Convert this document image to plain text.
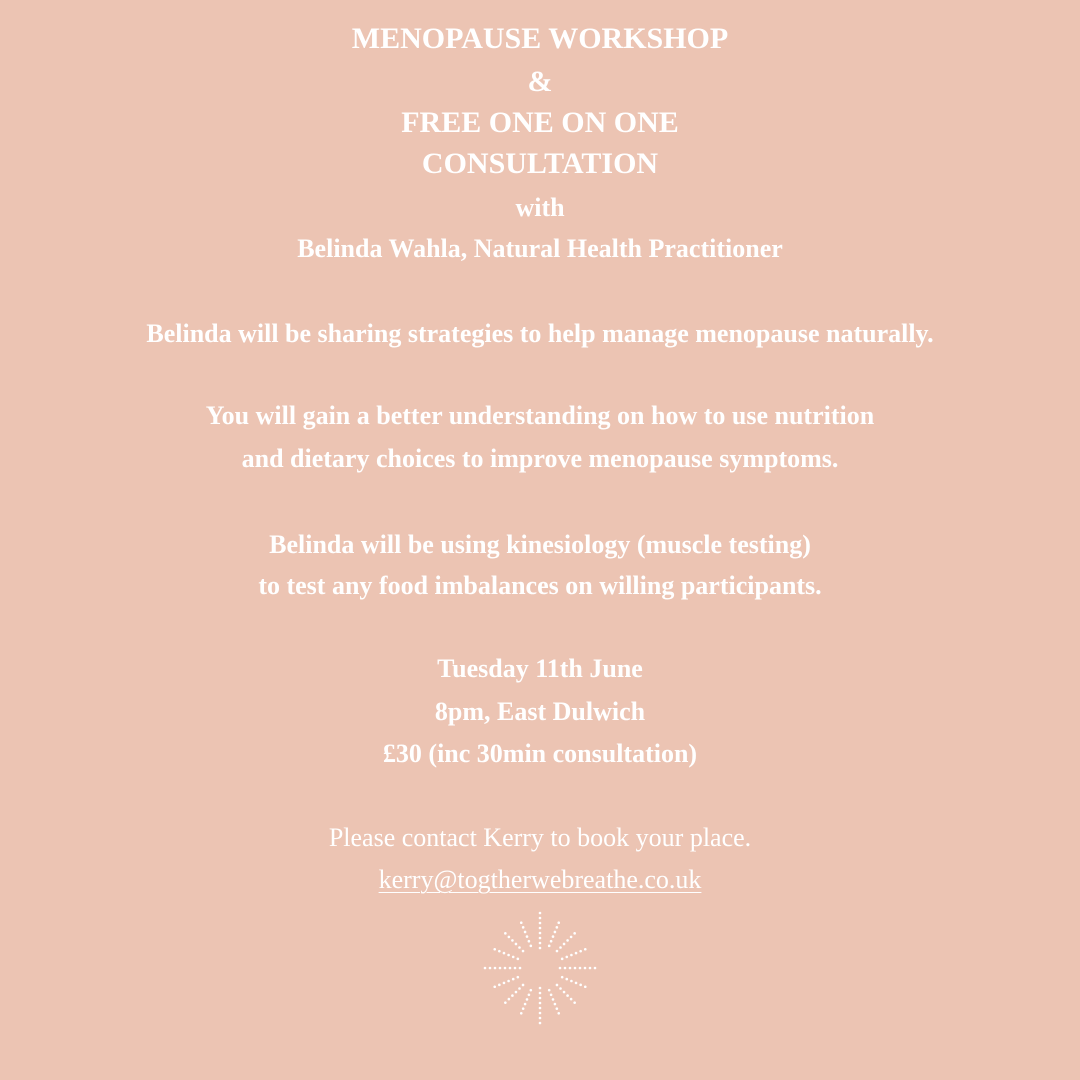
MENOPAUSE WORKSHOP
&
FREE ONE ON ONE
CONSULTATION
with
Belinda Wahla, Natural Health Practitioner
Belinda will be sharing strategies to help manage menopause naturally.
You will gain a better understanding on how to use nutrition
and dietary choices to improve menopause symptoms.
Belinda will be using kinesiology (muscle testing)
to test any food imbalances on willing participants.
Tuesday 11th June
8pm, East Dulwich
£30 (inc 30min consultation)
Please contact Kerry to book your place.
kerry@togtherwebreathe.co.uk
